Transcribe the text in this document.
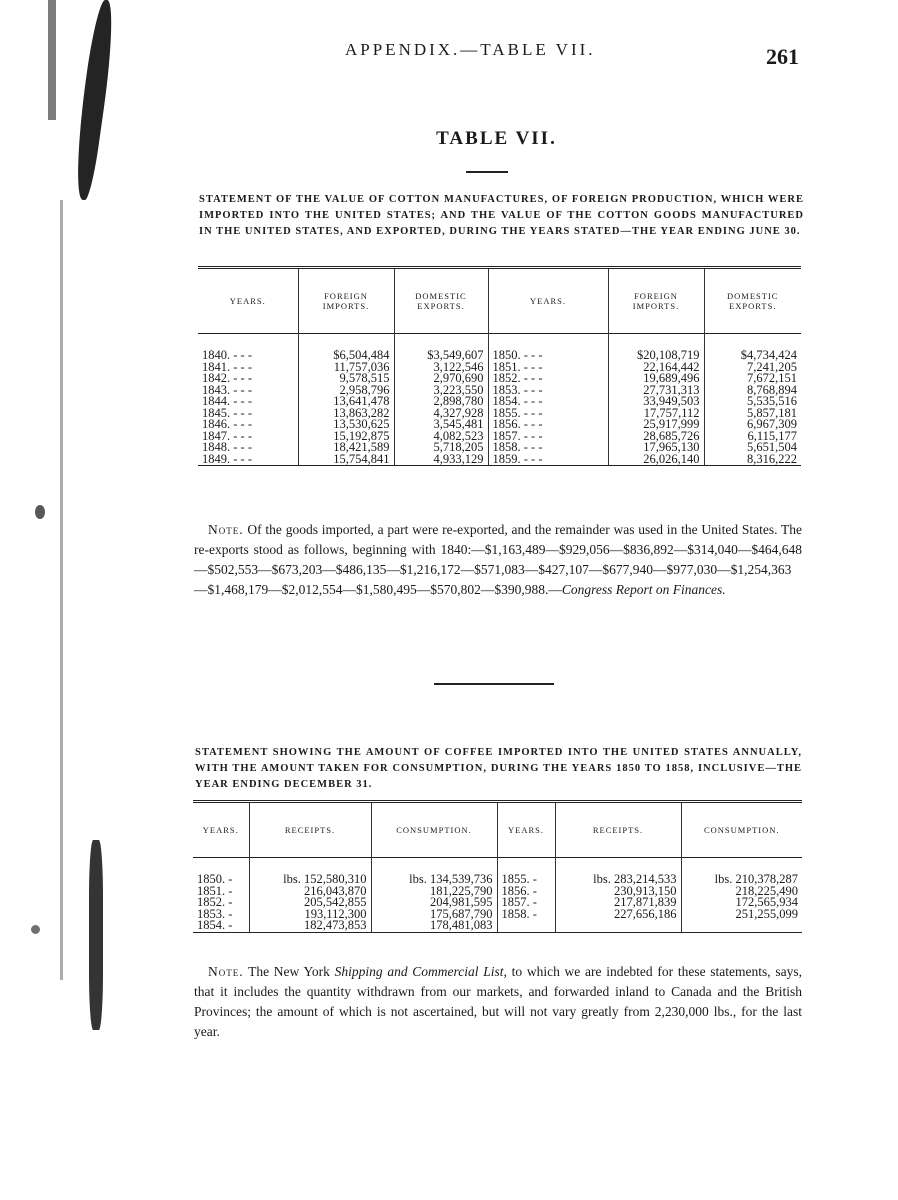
APPENDIX.—TABLE VII.	261
TABLE VII.
STATEMENT OF THE VALUE OF COTTON MANUFACTURES, OF FOREIGN PRODUCTION, WHICH WERE IMPORTED INTO THE UNITED STATES; AND THE VALUE OF THE COTTON GOODS MANUFACTURED IN THE UNITED STATES, AND EXPORTED, DURING THE YEARS STATED—THE YEAR ENDING JUNE 30.
YEARS.	FOREIGN IMPORTS.	DOMESTIC EXPORTS.	YEARS.	FOREIGN IMPORTS.	DOMESTIC EXPORTS.

1840. - - -	$6,504,484	$3,549,607	1850. - - -	$20,108,719	$4,734,424
1841. - - -	11,757,036	3,122,546	1851. - - -	22,164,442	7,241,205
1842. - - -	9,578,515	2,970,690	1852. - - -	19,689,496	7,672,151
1843. - - -	2,958,796	3,223,550	1853. - - -	27,731,313	8,768,894
1844. - - -	13,641,478	2,898,780	1854. - - -	33,949,503	5,535,516
1845. - - -	13,863,282	4,327,928	1855. - - -	17,757,112	5,857,181
1846. - - -	13,530,625	3,545,481	1856. - - -	25,917,999	6,967,309
1847. - - -	15,192,875	4,082,523	1857. - - -	28,685,726	6,115,177
1848. - - -	18,421,589	5,718,205	1858. - - -	17,965,130	5,651,504
1849. - - -	15,754,841	4,933,129	1859. - - -	26,026,140	8,316,222
Note. Of the goods imported, a part were re-exported, and the remainder was used in the United States. The re-exports stood as follows, beginning with 1840:—$1,163,489—$929,056—$836,892—$314,040—$464,648—$502,553—$673,203—$486,135—$1,216,172—$571,083—$427,107—$677,940—$977,030—$1,254,363—$1,468,179—$2,012,554—$1,580,495—$570,802—$390,988.—Congress Report on Finances.
STATEMENT SHOWING THE AMOUNT OF COFFEE IMPORTED INTO THE UNITED STATES ANNUALLY, WITH THE AMOUNT TAKEN FOR CONSUMPTION, DURING THE YEARS 1850 TO 1858, INCLUSIVE—THE YEAR ENDING DECEMBER 31.
YEARS.	RECEIPTS.	CONSUMPTION.	YEARS.	RECEIPTS.	CONSUMPTION.

1850. -	lbs. 152,580,310	lbs. 134,539,736	1855. -	lbs. 283,214,533	lbs. 210,378,287
1851. -	216,043,870	181,225,790	1856. -	230,913,150	218,225,490
1852. -	205,542,855	204,981,595	1857. -	217,871,839	172,565,934
1853. -	193,112,300	175,687,790	1858. -	227,656,186	251,255,099
1854. -	182,473,853	178,481,083			
Note. The New York Shipping and Commercial List, to which we are indebted for these statements, says, that it includes the quantity withdrawn from our markets, and forwarded inland to Canada and the British Provinces; the amount of which is not ascertained, but will not vary greatly from 2,230,000 lbs., for the last year.
